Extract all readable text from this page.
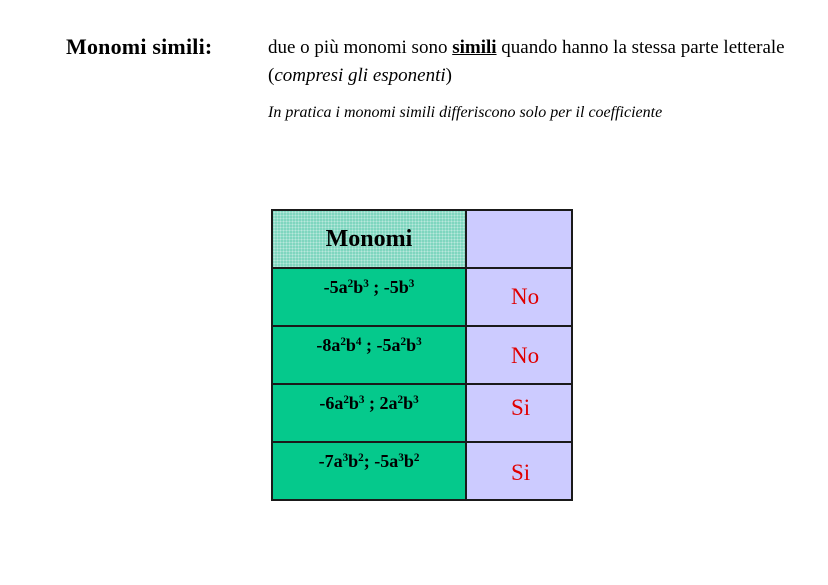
Monomi simili:	due o più monomi sono simili quando hanno la stessa parte letterale (compresi gli esponenti)
In pratica i monomi simili differiscono solo per il coefficiente
Monomi	
$-5a^2b^3$ ; $-5b^3$	No
$-8a^2b^4$ ; $-5a^2b^3$	No
$-6a^2b^3$ ; $2a^2b^3$	Si
$-7a^3b^2$; $-5a^3b^2$	Si
